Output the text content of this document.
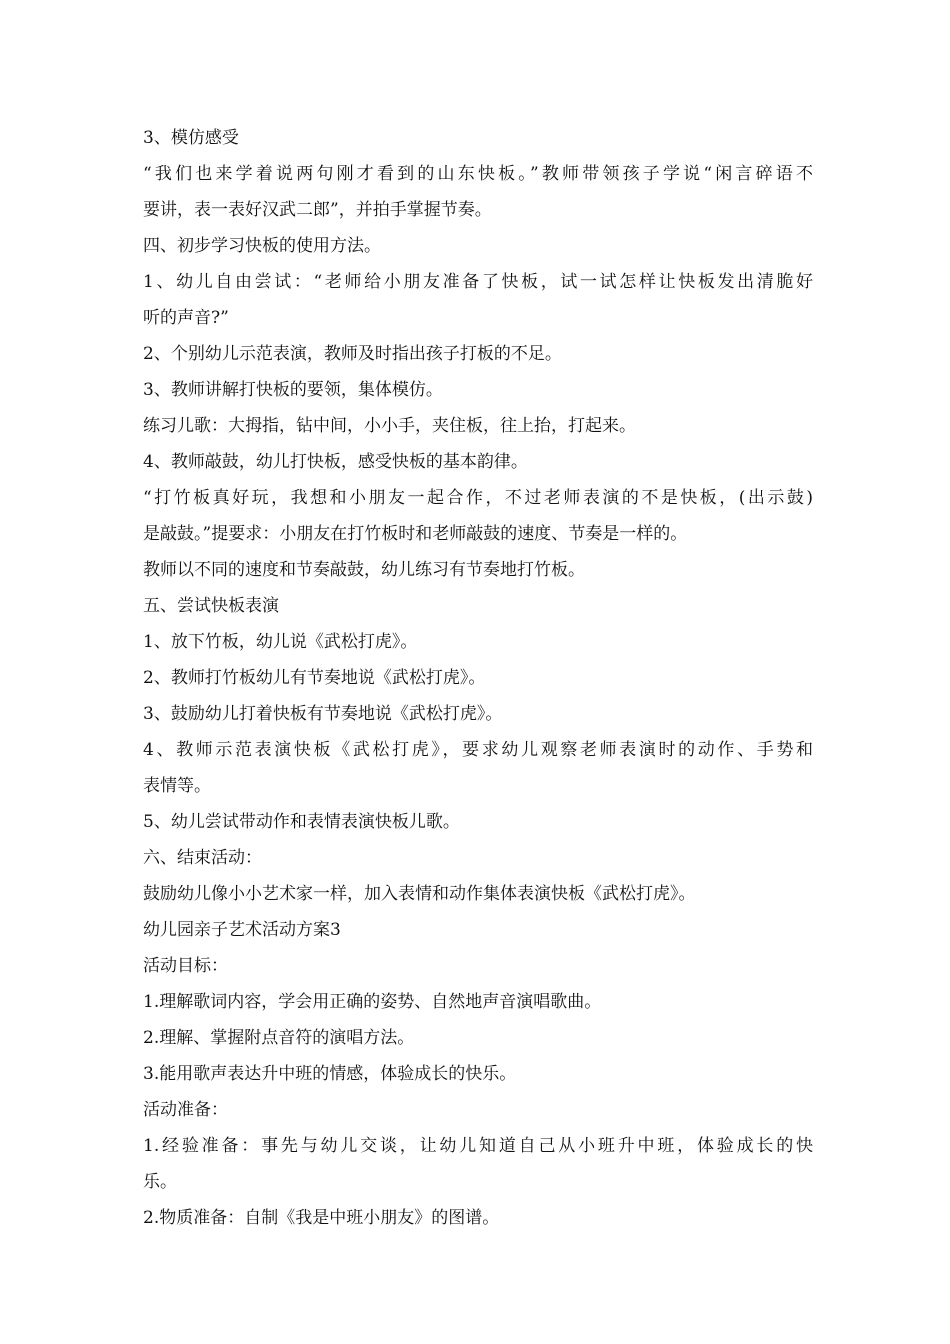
3、模仿感受
“我们也来学着说两句刚才看到的山东快板。”教师带领孩子学说“闲言碎语不
要讲，表一表好汉武二郎”，并拍手掌握节奏。
四、初步学习快板的使用方法。
1、幼儿自由尝试：“老师给小朋友准备了快板，试一试怎样让快板发出清脆好
听的声音?”
2、个别幼儿示范表演，教师及时指出孩子打板的不足。
3、教师讲解打快板的要领，集体模仿。
练习儿歌：大拇指，钻中间，小小手，夹住板，往上抬，打起来。
4、教师敲鼓，幼儿打快板，感受快板的基本韵律。
“打竹板真好玩，我想和小朋友一起合作，不过老师表演的不是快板，(出示鼓)
是敲鼓。”提要求：小朋友在打竹板时和老师敲鼓的速度、节奏是一样的。
教师以不同的速度和节奏敲鼓，幼儿练习有节奏地打竹板。
五、尝试快板表演
1、放下竹板，幼儿说《武松打虎》。
2、教师打竹板幼儿有节奏地说《武松打虎》。
3、鼓励幼儿打着快板有节奏地说《武松打虎》。
4、教师示范表演快板《武松打虎》，要求幼儿观察老师表演时的动作、手势和
表情等。
5、幼儿尝试带动作和表情表演快板儿歌。
六、结束活动：
鼓励幼儿像小小艺术家一样，加入表情和动作集体表演快板《武松打虎》。
幼儿园亲子艺术活动方案3
活动目标：
1.理解歌词内容，学会用正确的姿势、自然地声音演唱歌曲。
2.理解、掌握附点音符的演唱方法。
3.能用歌声表达升中班的情感，体验成长的快乐。
活动准备：
1.经验准备：事先与幼儿交谈，让幼儿知道自己从小班升中班，体验成长的快
乐。
2.物质准备：自制《我是中班小朋友》的图谱。
